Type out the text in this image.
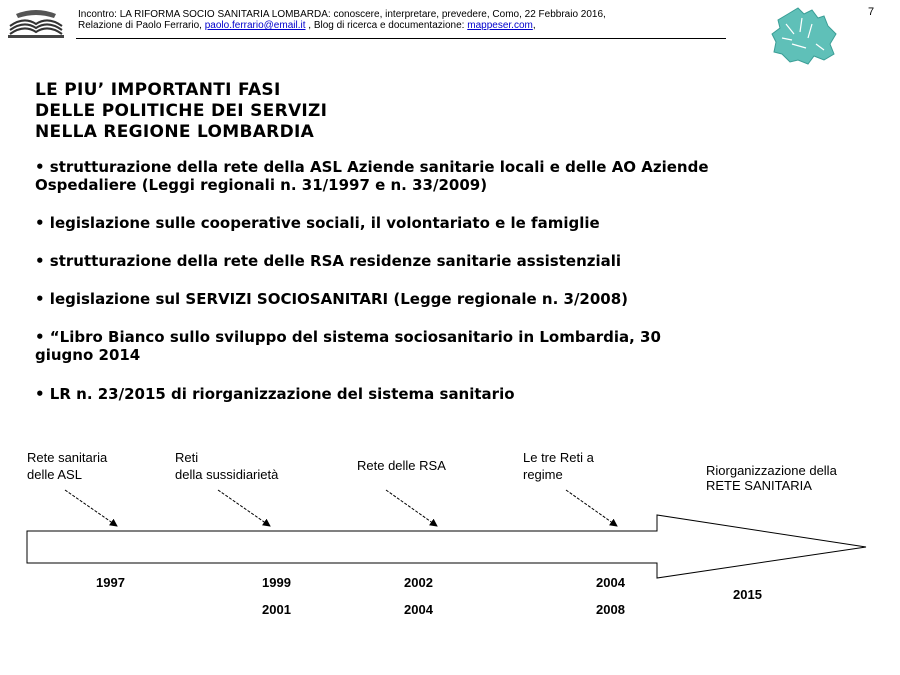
Incontro: LA RIFORMA SOCIO SANITARIA LOMBARDA: conoscere, interpretare, prevedere, Como, 22 Febbraio 2016,
Relazione di Paolo Ferrario, paolo.ferrario@email.it , Blog di ricerca e documentazione: mappeser.com,
7
LE PIU’ IMPORTANTI FASI
DELLE POLITICHE DEI SERVIZI
NELLA REGIONE LOMBARDIA
• strutturazione della rete della ASL Aziende sanitarie locali e delle AO Aziende
Ospedaliere (Leggi regionali n. 31/1997 e n. 33/2009)
• legislazione sulle cooperative sociali, il volontariato e le famiglie
• strutturazione della rete delle RSA residenze sanitarie assistenziali
• legislazione sul SERVIZI SOCIOSANITARI (Legge regionale n. 3/2008)
• “Libro Bianco sullo sviluppo del sistema sociosanitario in Lombardia, 30
giugno 2014
• LR n. 23/2015 di riorganizzazione del sistema sanitario
Rete sanitaria
delle ASL
Reti
della sussidiarietà
Rete delle RSA
Le tre Reti a
regime	Riorganizzazione della
RETE SANITARIA
1997	1999
2001
2002
2004
2004
2008
2015
